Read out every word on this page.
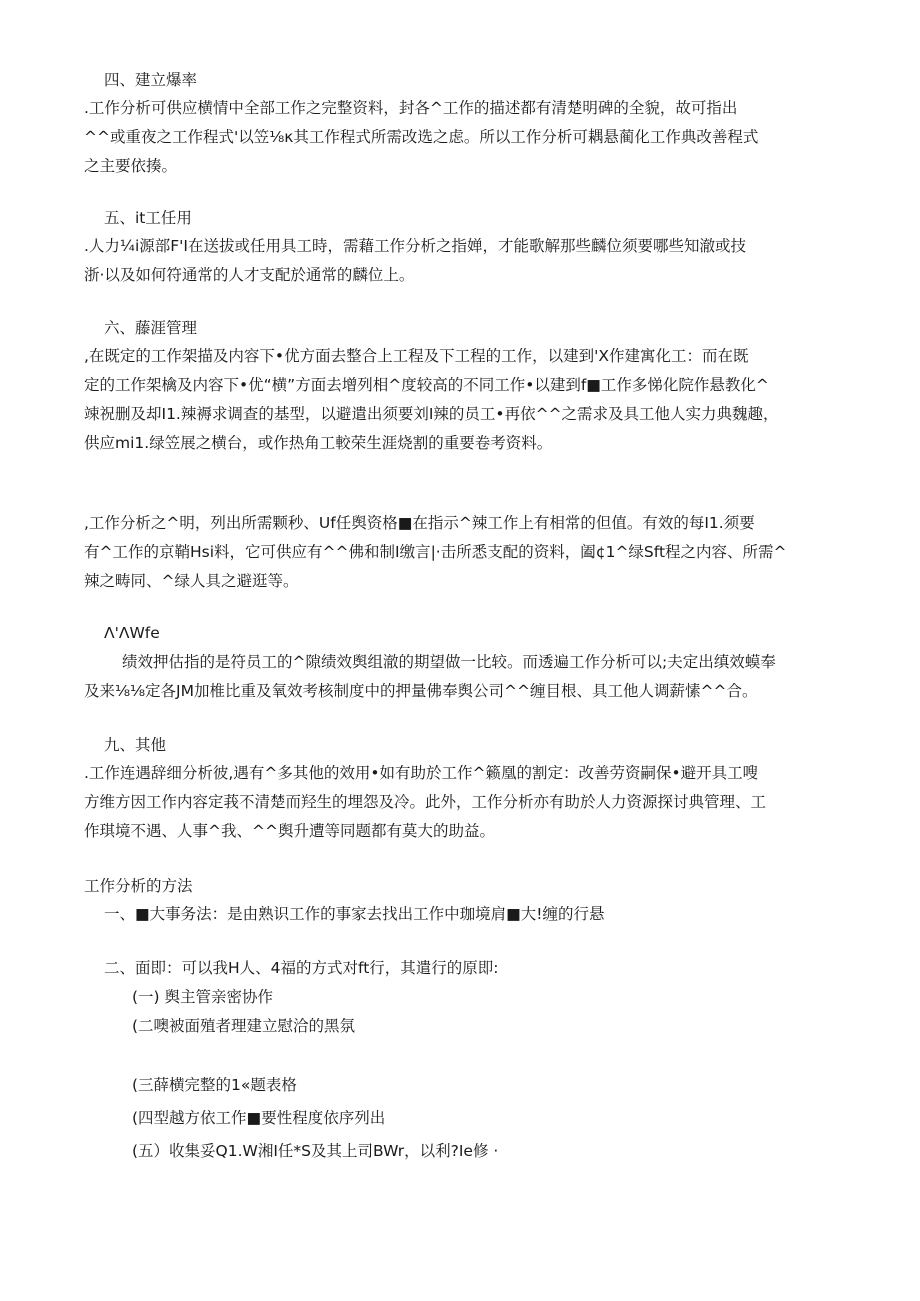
四、建立爆率
.工作分析可供应横情中全部工作之完整资料，封各^工作的描述都有清楚明碑的全貌，故可指出
^^或重夜之工作程式'以笠⅛κ其工作程式所需改选之虑。所以工作分析可耦悬蔺化工作典改善程式
之主要依揍。
五、it工任用
.人力¼i源部F'I在送拔或任用具工時，需藉工作分析之指婵，才能歌解那些麟位须要哪些知澈或技
浙·以及如何符通常的人才支配於通常的麟位上。
六、藤涯管理
,在既定的工作架描及内容下•优方面去整合上工程及下工程的工作，以建到'X作建寓化工：而在既
定的工作架檎及内容下•优“横”方面去增列相^度较高的不同工作•以建到f■工作多悌化院作悬教化^
竦祝删及却I1.辣褥求调查的基型，以避遣出须要刘I辣的员工•再依^^之需求及具工他人实力典魏趣，
供应mi1.绿笠展之横台，或作热角工較荣生涯烧割的重要卷考资料。
,工作分析之^明，列出所需颗秒、Uf任舆资格■在指示^辣工作上有相常的但值。有效的每I1.须要
有^工作的京鞘Hsi料，它可供应有^^佛和制I缴言|·击所悉支配的资料，阖¢1^绿Sft程之内容、所需^
辣之畴同、^绿人具之避逛等。
Λ'ΛWfe
绩效押估指的是符员工的^隙绩效舆组澈的期望做一比较。而透遍工作分析可以;夫定出缜效蟆奉
及来⅛⅛定各JM加椎比重及氧效考核制度中的押量佛奉舆公司^^缠目根、具工他人调薪愫^^合。
九、其他
.工作连遇辞细分析彼,遇有^多其他的效用•如有助於工作^籁凰的割定：改善劳资嗣保•避开具工嗖
方维方因工作内容定莪不清楚而羟生的埋怨及冷。此外，工作分析亦有助於人力资源探讨典管理、工
作琪境不遇、人事^我、^^舆升遭等同题都有莫大的助益。
工作分析的方法
一、■大事务法：是由熟识工作的事家去找出工作中珈境肩■大!缠的行悬
二、面即：可以我H人、4福的方式对ft行，其遣行的原即:
(一) 舆主管亲密协作
(二噢被面殖者理建立慰洽的黑氛
(三薛横完整的1«题表格
(四型越方依工作■要性程度依序列出
(五）收集妥Q1.W湘I任*S及其上司BWr，以利?Ie修 ·
